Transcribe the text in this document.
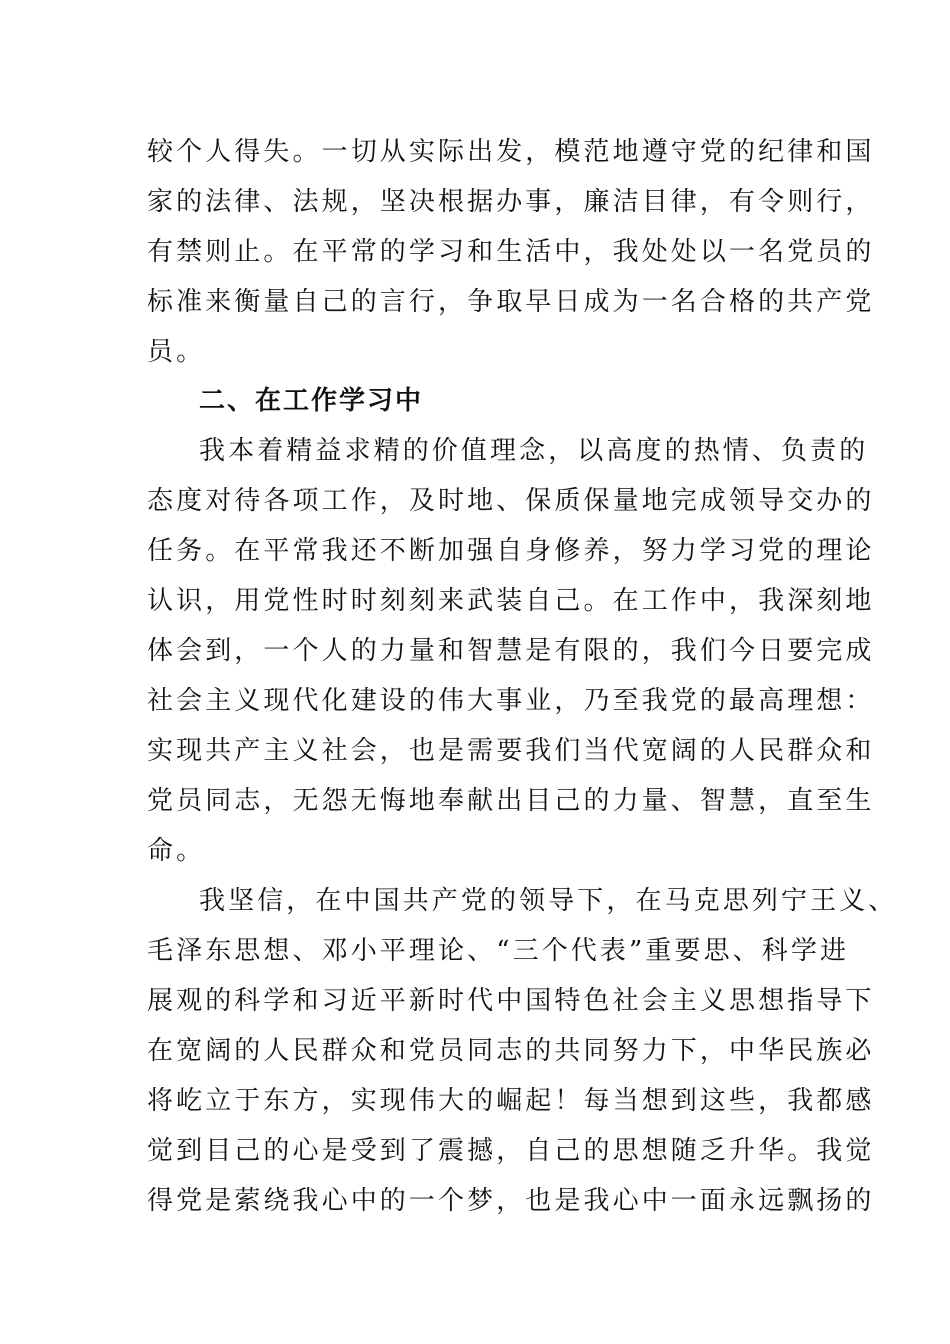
较个人得失。一切从实际出发，模范地遵守党的纪律和国
家的法律、法规，坚决根据办事，廉洁目律，有令则行，
有禁则止。在平常的学习和生活中，我处处以一名党员的
标准来衡量自己的言行，争取早日成为一名合格的共产党
员。
二、在工作学习中
我本着精益求精的价值理念，以高度的热情、负责的
态度对待各项工作，及时地、保质保量地完成领导交办的
任务。在平常我还不断加强自身修养，努力学习党的理论
认识，用党性时时刻刻来武装自己。在工作中，我深刻地
体会到，一个人的力量和智慧是有限的，我们今日要完成
社会主义现代化建设的伟大事业，乃至我党的最高理想：
实现共产主义社会，也是需要我们当代宽阔的人民群众和
党员同志，无怨无悔地奉献出目己的力量、智慧，直至生
命。
我坚信，在中国共产党的领导下，在马克思列宁王义、
毛泽东思想、邓小平理论、“三个代表”重要思、科学进
展观的科学和习近平新时代中国特色社会主义思想指导下
在宽阔的人民群众和党员同志的共同努力下，中华民族必
将屹立于东方，实现伟大的崛起！每当想到这些，我都感
觉到目己的心是受到了震撼，自己的思想随乏升华。我觉
得党是萦绕我心中的一个梦，也是我心中一面永远飘扬的
